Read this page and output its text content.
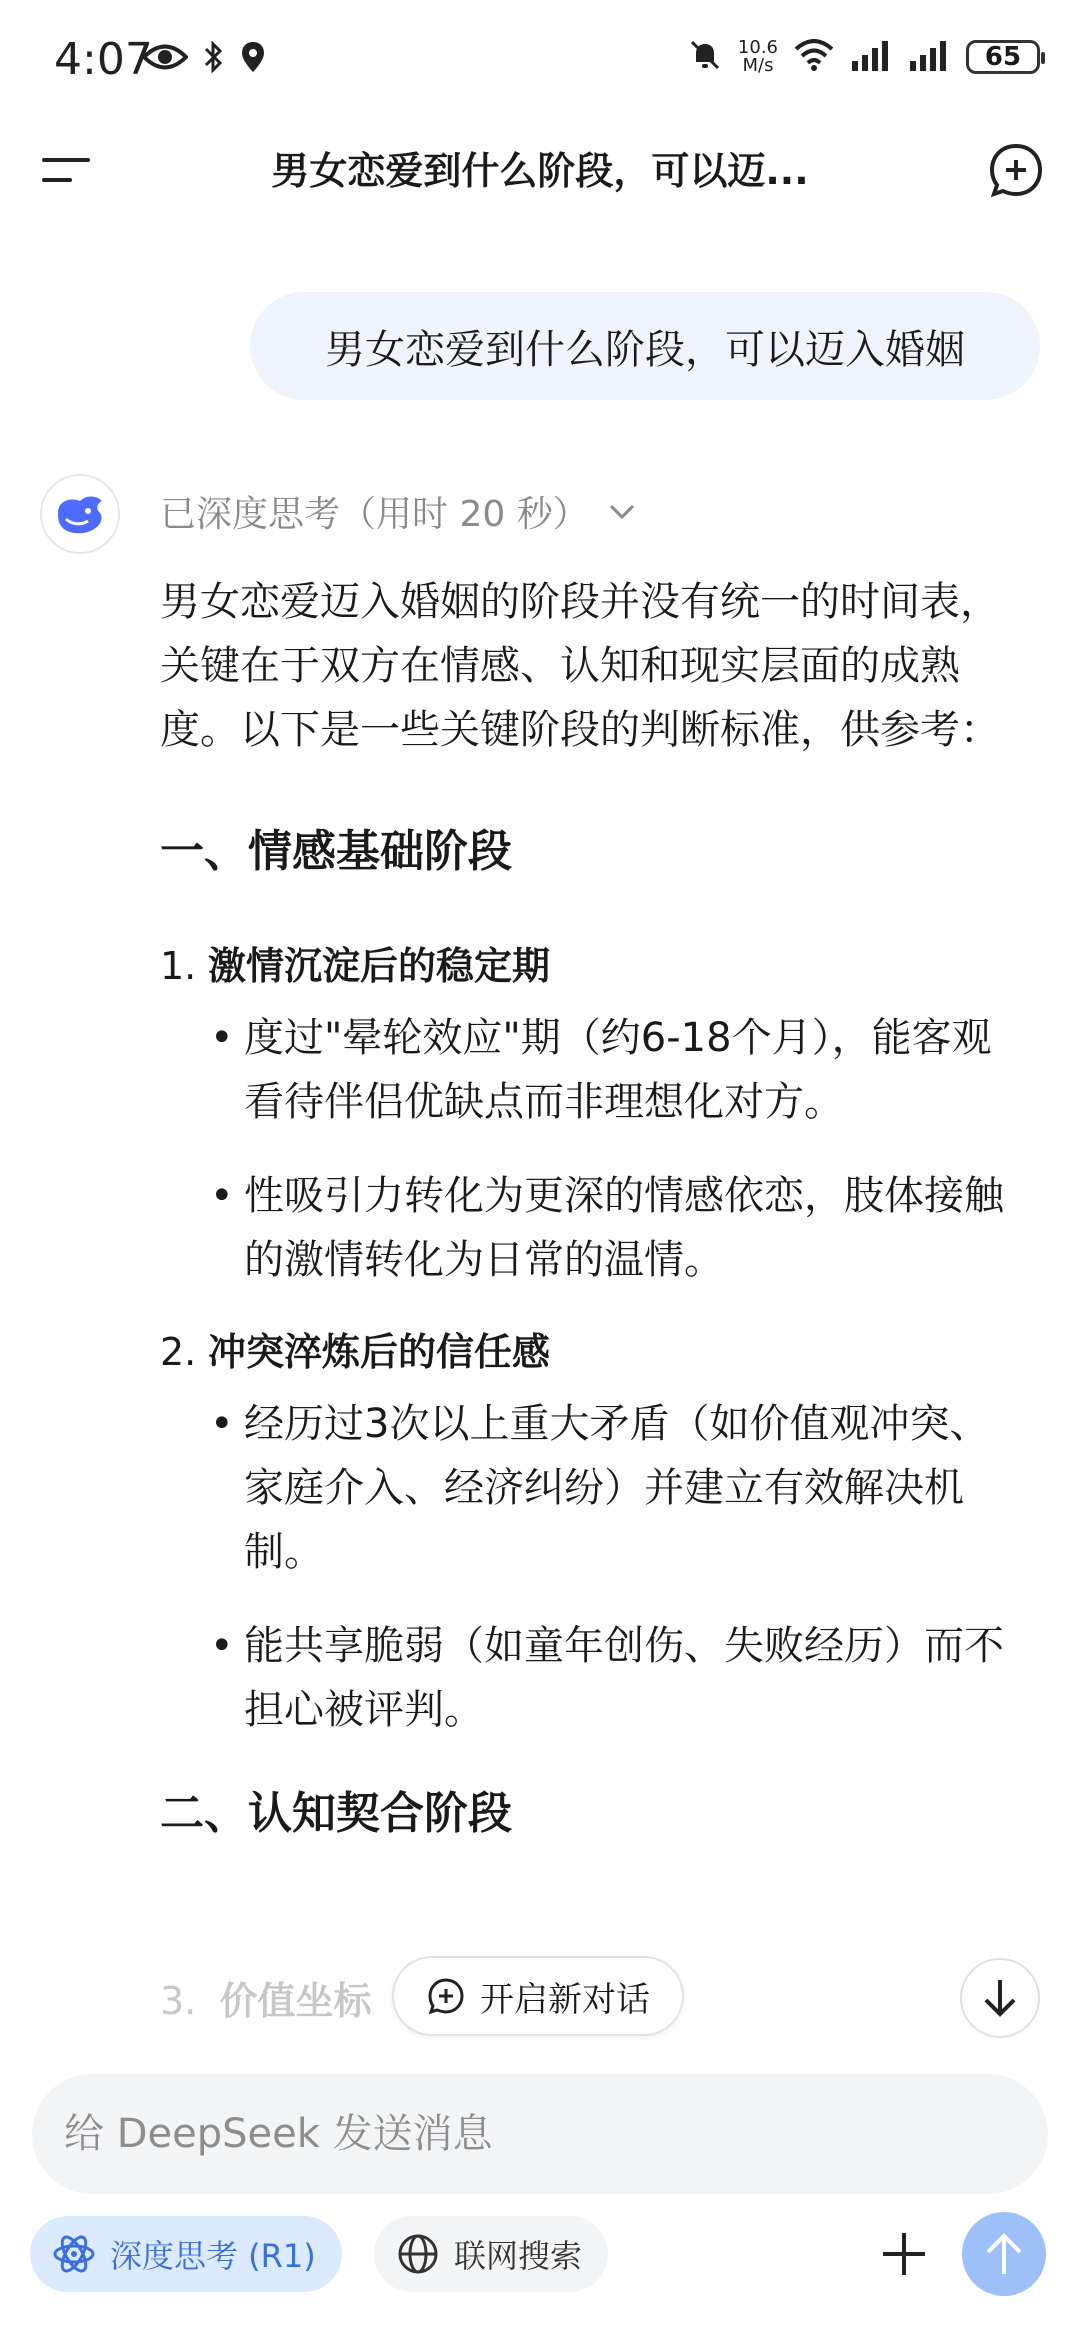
4:07	10.6
M/s	65
男女恋爱到什么阶段，可以迈...
男女恋爱到什么阶段，可以迈入婚姻
已深度思考（用时 20 秒）

男女恋爱迈入婚姻的阶段并没有统一的时间表，关键在于双方在情感、认知和现实层面的成熟度。以下是一些关键阶段的判断标准，供参考：

一、情感基础阶段
1. 激情沉淀后的稳定期
• 度过"晕轮效应"期（约6-18个月），能客观看待伴侣优缺点而非理想化对方。
• 性吸引力转化为更深的情感依恋，肢体接触的激情转化为日常的温情。
2. 冲突淬炼后的信任感
• 经历过3次以上重大矛盾（如价值观冲突、家庭介入、经济纠纷）并建立有效解决机制。
• 能共享脆弱（如童年创伤、失败经历）而不担心被评判。
二、认知契合阶段
3. 价值坐标	开启新对话
给 DeepSeek 发送消息
深度思考 (R1)	联网搜索
